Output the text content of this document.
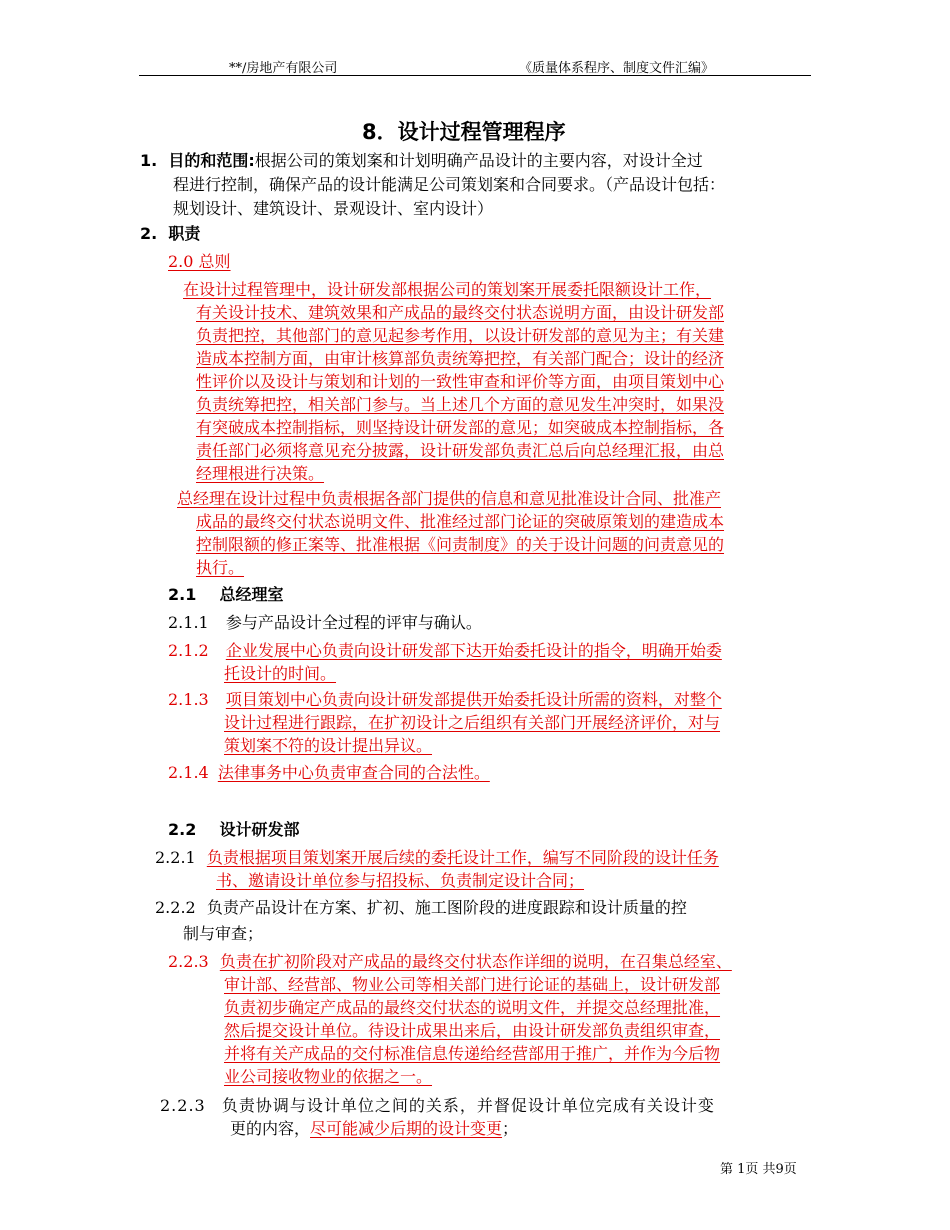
**/房地产有限公司	《质量体系程序、制度文件汇编》
8．设计过程管理程序
1. 目的和范围:根据公司的策划案和计划明确产品设计的主要内容，对设计全过
程进行控制，确保产品的设计能满足公司策划案和合同要求。（产品设计包括：
规划设计、建筑设计、景观设计、室内设计）
2. 职责
2.0 总则
在设计过程管理中，设计研发部根据公司的策划案开展委托限额设计工作，
有关设计技术、建筑效果和产成品的最终交付状态说明方面，由设计研发部
负责把控，其他部门的意见起参考作用，以设计研发部的意见为主；有关建
造成本控制方面，由审计核算部负责统筹把控，有关部门配合；设计的经济
性评价以及设计与策划和计划的一致性审查和评价等方面，由项目策划中心
负责统筹把控，相关部门参与。当上述几个方面的意见发生冲突时，如果没
有突破成本控制指标，则坚持设计研发部的意见；如突破成本控制指标，各
责任部门必须将意见充分披露，设计研发部负责汇总后向总经理汇报，由总
经理根进行决策。
总经理在设计过程中负责根据各部门提供的信息和意见批准设计合同、批准产
成品的最终交付状态说明文件、批准经过部门论证的突破原策划的建造成本
控制限额的修正案等、批准根据《问责制度》的关于设计问题的问责意见的
执行。
2.1 总经理室
2.1.1 参与产品设计全过程的评审与确认。
2.1.2 企业发展中心负责向设计研发部下达开始委托设计的指令，明确开始委
托设计的时间。
2.1.3 项目策划中心负责向设计研发部提供开始委托设计所需的资料，对整个
设计过程进行跟踪，在扩初设计之后组织有关部门开展经济评价，对与
策划案不符的设计提出异议。
2.1.4 法律事务中心负责审查合同的合法性。
2.2 设计研发部
2.2.1 负责根据项目策划案开展后续的委托设计工作，编写不同阶段的设计任务
书、邀请设计单位参与招投标、负责制定设计合同；
2.2.2 负责产品设计在方案、扩初、施工图阶段的进度跟踪和设计质量的控
制与审查；
2.2.3 负责在扩初阶段对产成品的最终交付状态作详细的说明，在召集总经室、
审计部、经营部、物业公司等相关部门进行论证的基础上，设计研发部
负责初步确定产成品的最终交付状态的说明文件，并提交总经理批准，
然后提交设计单位。待设计成果出来后，由设计研发部负责组织审查，
并将有关产成品的交付标准信息传递给经营部用于推广，并作为今后物
业公司接收物业的依据之一。
2.2.3 负责协调与设计单位之间的关系，并督促设计单位完成有关设计变
更的内容，尽可能减少后期的设计变更；
第 1页 共9页
